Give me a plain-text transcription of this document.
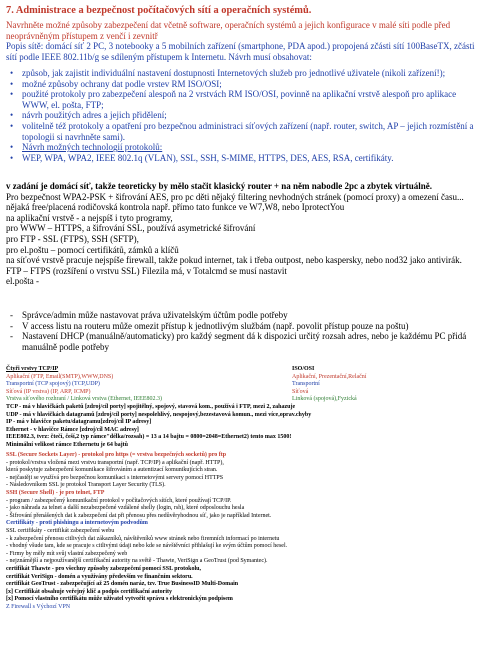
7. Administrace a bezpečnost počítačových sítí a operačních systémů.
Navrhněte možné způsoby zabezpečení dat včetně software, operačních systémů a jejich konfigurace v malé síti podle před neoprávněným přístupem z venčí i zevnitř
Popis sítě: domácí síť 2 PC, 3 notebooky a 5 mobilních zařízení (smartphone, PDA apod.) propojená zčásti sítí 100BaseTX, zčásti sítí podle IEEE 802.11b/g se sdíleným přístupem k Internetu. Návrh musí obsahovat:
• způsob, jak zajistit individuální nastavení dostupnosti Internetových služeb pro jednotlivé uživatele (nikoli zařízení!);
• možné způsoby ochrany dat podle vrstev RM ISO/OSI;
• použité protokoly pro zabezpečení alespoň na 2 vrstvách RM ISO/OSI, povinně na aplikační vrstvě alespoň pro aplikace WWW, el. pošta, FTP;
• návrh použitých adres a jejich přidělení;
• volitelně též protokoly a opatření pro bezpečnou administraci síťových zařízení (např. router, switch, AP – jejich rozmístění a topologii si navrhněte sami).
• Návrh možných technologií protokolů:
• WEP, WPA, WPA2, IEEE 802.1q (VLAN), SSL, SSH, S-MIME, HTTPS, DES, AES, RSA, certifikáty.
v zadání je domácí síť, takže teoreticky by mělo stačit klasický router + na něm nabodle 2pc a zbytek virtuálně.
Pro bezpečnost WPA2-PSK + šifrování AES, pro pc děti nějaký filtering nevhodných stránek (pomocí proxy) a omezení času... nějaká free/placená rodičovská kontrola např. přímo tato funkce ve W7,W8, nebo IprotectYou
na aplikační vrstvě - a nejspíš i tyto programy,
pro WWW – HTTPS, a šifrování SSL, používá asymetrické šifrování
pro FTP - SSL (FTPS), SSH (SFTP),
pro el.poštu – pomocí certifikátů, zámků a klíčů
na síťové vrstvě pracuje nejspíše firewall, takže pokud internet, tak i třeba outpost, nebo kaspersky, nebo nod32 jako antivirák.
FTP – FTPS (rozšíření o vrstvu SSL) Filezila má, v Totalcmd se musí nastavit
el.pošta -
- Správce/admin může nastavovat práva uživatelským účtům podle potřeby
- V access listu na routeru může omezit přístup k jednotlivým službám (např. povolit přístup pouze na poštu)
- Nastavení DHCP (manuálně/automaticky) pro každý segment dá k dispozici určitý rozsah adres, nebo je každému PC přidá manuálně podle potřeby
Čtyři vrstvy TCP/IP	ISO/OSI
Aplikační (FTP, Email(SMTP),WWW,DNS)	Aplikační, Prezentační,Relační
Transportní (TCP spojový) (TCP,UDP)	Transportní
Síťová (IP vrstva) (IP, ARP, ICMP)	Síťová
Vrstva síťového rozhraní / Linková vrstva (Ethernet, IEEE802.3)	Linková (spojová),Fyzická
TCP - má v hlavičkách paketů [zdroj/cíl porty] spojitělný, spojový, stavová kom., používá i FTP, mezi 2, zahazuje
UDP - má v hlavičkách datagramů [zdroj/cíl porty] nespolehlivý, nespojový,bezestavová komun., mezi více,oprav.chyby
IP - má v hlavičce paketu/datagramu[zdroj/cíl IP adresy]
Ethernet - v hlavičce Rámce [zdroj/cíl MAC adresy]
IEEE802.3, tvrz: čtečí, češí,2 typ rámce"délka/rozsah) = 13 a 14 bajtu = 0800=2048=Ethernet2) tento max 1500!
Minimální velikost rámce Ethernetu je 64 bajtů
SSL (Secure Sockets Layer) - protokol pro https (= vrstva bezpečných socketů) pro ftp
- protokol/vrstva vložená mezi vrstvu transportní (např. TCP/IP) a aplikační (např. HTTP),
která poskytuje zabezpečení komunikace šifrováním a autentizací komunikujících stran.
- nejčastěji se využívá pro bezpečnou komunikaci s internetovými servery pomocí HTTPS
- Následovníkem SSL je protokol Transport Layer Security (TLS).
SSH (Secure Shell) - je pro telnet, FTP
- program / zabezpečený komunikační protokol v počítačových sítích, které používají TCP/IP.
- jako náhrada za telnet a další nezabezpečené vzdálené shelly (login, rsh), které odposlouchu hesla
- Šifrování přenášených dat k zabezpečení dat při přenosu přes nedůvěryhodnou síť, jako je například Internet.
Certifikáty - proti phishingu a internetovým podvodům
SSL certifikáty - certifikát zabezpečení webu
- k zabezpečení přenosu citlivých dat zákazníků, návštěvníků www stránek nebo firemních informací po internetu
- vhodný všude tam, kde se pracuje s citlivými údaji nebo kde se návštěvníci přihlašují ke svým účtům pomocí hesel.
- Firmy by měly mít svůj vlastní zabezpečený web
- nejznámější a nejpoužívanější certifikační autority na světě - Thawte, VeriSign a GeoTrust (pod Symantec).
certifikát Thawte - pro všechny způsoby zabezpečení pomocí SSL protokolu,
certifikát VeriSign - domén a využívány především ve finančním sektoru.
certifikát GeoTrust - zabezpečující až 25 domén naráz, tzv. True BusinessID Multi-Domain
[x] Certifikát obsahuje veřejný klíč a podpis certifikační autority
[x] Pomocí vlastního certifikátu může uživatel vytvořit správu s elektronickým podpisem
Z Firewall s Výchozí VPN
